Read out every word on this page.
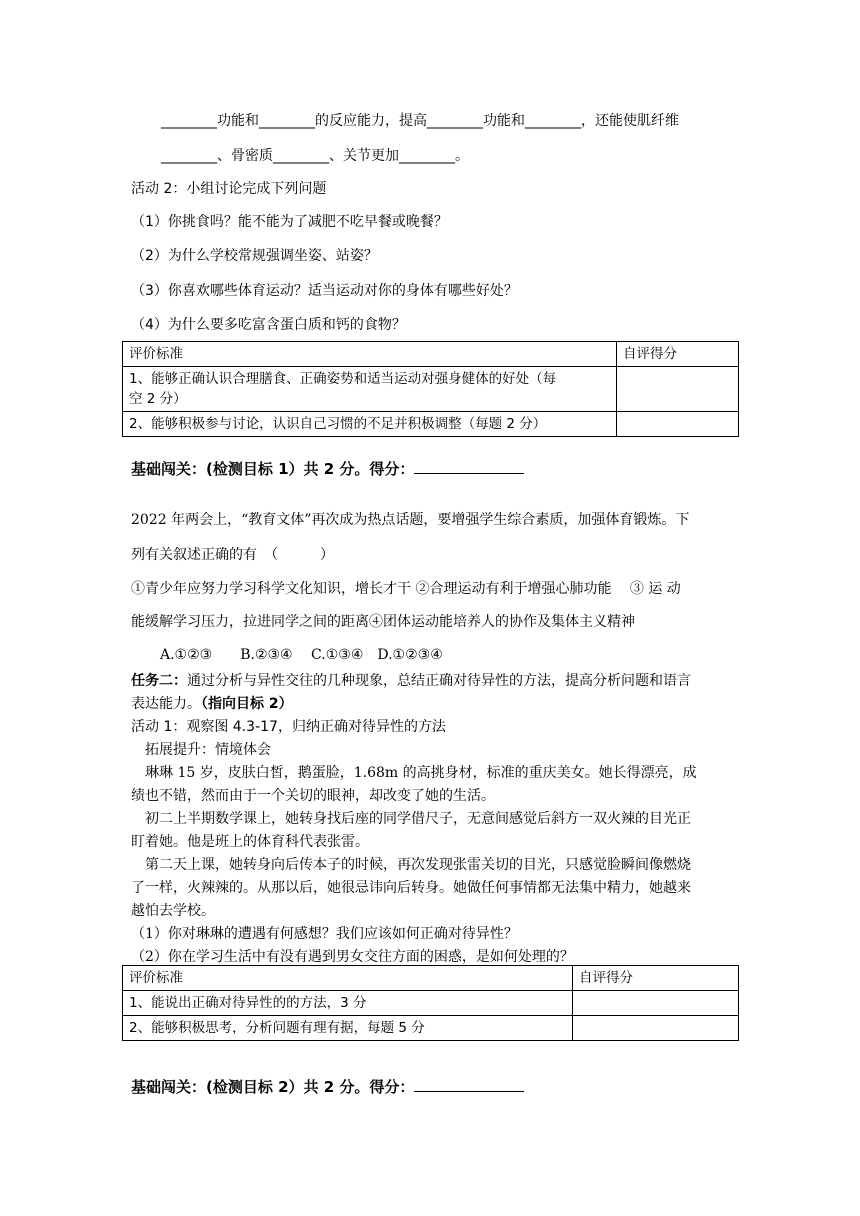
________功能和________的反应能力，提高________功能和________，还能使肌纤维
________、骨密质________、关节更加________。
活动 2：小组讨论完成下列问题
（1）你挑食吗？能不能为了减肥不吃早餐或晚餐？
（2）为什么学校常规强调坐姿、站姿？
（3）你喜欢哪些体育运动？适当运动对你的身体有哪些好处？
（4）为什么要多吃富含蛋白质和钙的食物？
评价标准	自评得分
1、能够正确认识合理膳食、正确姿势和适当运动对强身健体的好处（每
空 2 分）	
2、能够积极参与讨论，认识自己习惯的不足并积极调整（每题 2 分）	
基础闯关：(检测目标 1）共 2 分。得分：
2022 年两会上，“教育文体”再次成为热点话题，要增强学生综合素质，加强体育锻炼。下
列有关叙述正确的有　（　　　）
①青少年应努力学习科学文化知识，增长才干 ②合理运动有利于增强心肺功能　 ③ 运 动
能缓解学习压力，拉进同学之间的距离④团体运动能培养人的协作及集体主义精神
A.①②③　　B.②③④　 C.①③④　D.①②③④
任务二：通过分析与异性交往的几种现象，总结正确对待异性的方法，提高分析问题和语言
表达能力。（指向目标 2）
活动 1：观察图 4.3-17，归纳正确对待异性的方法
拓展提升：情境体会
琳琳 15 岁，皮肤白皙，鹅蛋脸，1.68m 的高挑身材，标准的重庆美女。她长得漂亮，成
绩也不错，然而由于一个关切的眼神，却改变了她的生活。
初二上半期数学课上，她转身找后座的同学借尺子，无意间感觉后斜方一双火辣的目光正
盯着她。他是班上的体育科代表张雷。
第二天上课，她转身向后传本子的时候，再次发现张雷关切的目光，只感觉脸瞬间像燃烧
了一样，火辣辣的。从那以后，她很忌讳向后转身。她做任何事情都无法集中精力，她越来
越怕去学校。
（1）你对琳琳的遭遇有何感想？我们应该如何正确对待异性？
（2）你在学习生活中有没有遇到男女交往方面的困惑，是如何处理的？
评价标准	自评得分
1、能说出正确对待异性的的方法，3 分	
2、能够积极思考，分析问题有理有据，每题 5 分	
基础闯关：(检测目标 2）共 2 分。得分：
